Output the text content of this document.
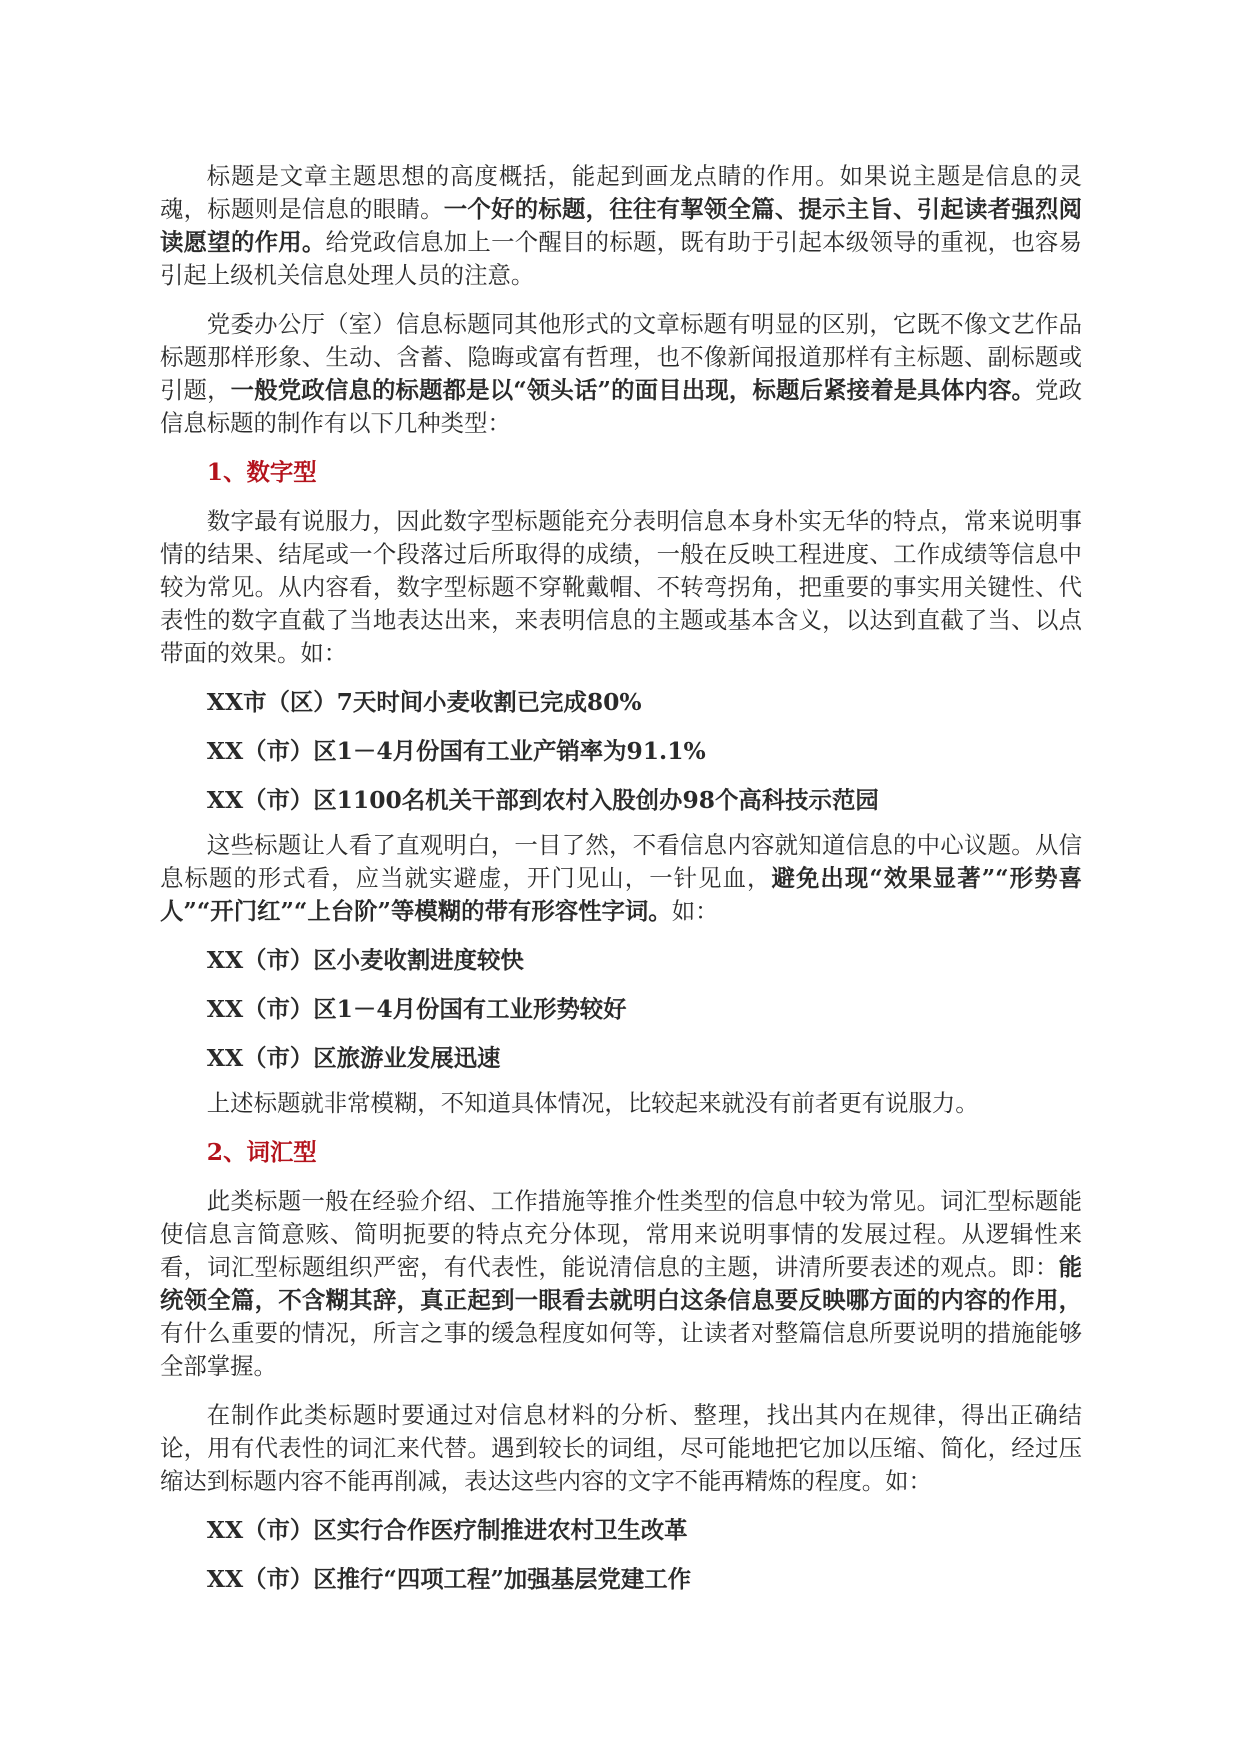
标题是文章主题思想的高度概括，能起到画龙点睛的作用。如果说主题是信息的灵魂，标题则是信息的眼睛。一个好的标题，往往有挈领全篇、提示主旨、引起读者强烈阅读愿望的作用。给党政信息加上一个醒目的标题，既有助于引起本级领导的重视，也容易引起上级机关信息处理人员的注意。

党委办公厅（室）信息标题同其他形式的文章标题有明显的区别，它既不像文艺作品标题那样形象、生动、含蓄、隐晦或富有哲理，也不像新闻报道那样有主标题、副标题或引题，一般党政信息的标题都是以“领头话”的面目出现，标题后紧接着是具体内容。党政信息标题的制作有以下几种类型：

1、数字型

数字最有说服力，因此数字型标题能充分表明信息本身朴实无华的特点，常来说明事情的结果、结尾或一个段落过后所取得的成绩，一般在反映工程进度、工作成绩等信息中较为常见。从内容看，数字型标题不穿靴戴帽、不转弯拐角，把重要的事实用关键性、代表性的数字直截了当地表达出来，来表明信息的主题或基本含义，以达到直截了当、以点带面的效果。如：

XX市（区）7天时间小麦收割已完成80%

XX（市）区1－4月份国有工业产销率为91.1%

XX（市）区1100名机关干部到农村入股创办98个高科技示范园

这些标题让人看了直观明白，一目了然，不看信息内容就知道信息的中心议题。从信息标题的形式看，应当就实避虚，开门见山，一针见血，避免出现“效果显著”“形势喜人”“开门红”“上台阶”等模糊的带有形容性字词。如：

XX（市）区小麦收割进度较快

XX（市）区1－4月份国有工业形势较好

XX（市）区旅游业发展迅速

上述标题就非常模糊，不知道具体情况，比较起来就没有前者更有说服力。

2、词汇型

此类标题一般在经验介绍、工作措施等推介性类型的信息中较为常见。词汇型标题能使信息言简意赅、简明扼要的特点充分体现，常用来说明事情的发展过程。从逻辑性来看，词汇型标题组织严密，有代表性，能说清信息的主题，讲清所要表述的观点。即：能统领全篇，不含糊其辞，真正起到一眼看去就明白这条信息要反映哪方面的内容的作用，有什么重要的情况，所言之事的缓急程度如何等，让读者对整篇信息所要说明的措施能够全部掌握。

在制作此类标题时要通过对信息材料的分析、整理，找出其内在规律，得出正确结论，用有代表性的词汇来代替。遇到较长的词组，尽可能地把它加以压缩、简化，经过压缩达到标题内容不能再削减，表达这些内容的文字不能再精炼的程度。如：

XX（市）区实行合作医疗制推进农村卫生改革

XX（市）区推行“四项工程”加强基层党建工作
